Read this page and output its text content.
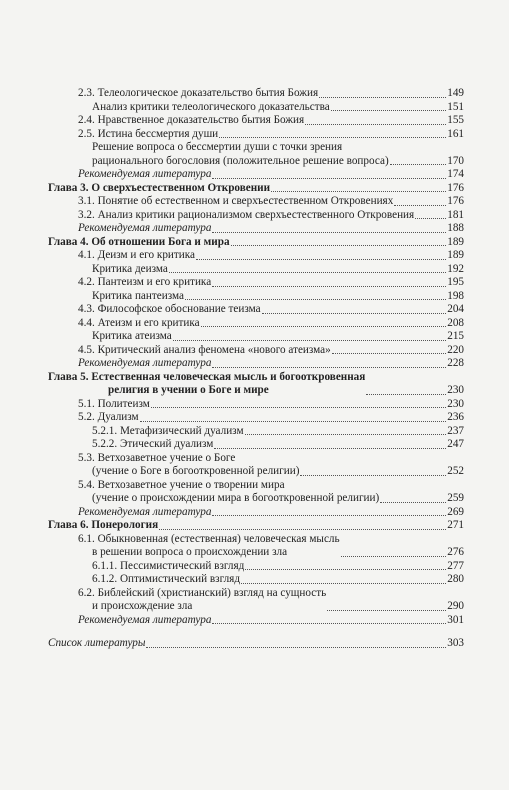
2.3. Телеологическое доказательство бытия Божия	149
Анализ критики телеологического доказательства	151
2.4. Нравственное доказательство бытия Божия	155
2.5. Истина бессмертия души	161
Решение вопроса о бессмертии души с точки зрения
рационального богословия (положительное решение вопроса)	170
Рекомендуемая литература	174
Глава 3. О сверхъестественном Откровении	176
3.1. Понятие об естественном и сверхъестественном Откровениях	176
3.2. Анализ критики рационализмом сверхъестественного Откровения	181
Рекомендуемая литература	188
Глава 4. Об отношении Бога и мира	189
4.1. Деизм и его критика	189
Критика деизма	192
4.2. Пантеизм и его критика	195
Критика пантеизма	198
4.3. Философское обоснование теизма	204
4.4. Атеизм и его критика	208
Критика атеизма	215
4.5. Критический анализ феномена «нового атеизма»	220
Рекомендуемая литература	228
Глава 5. Естественная человеческая мысль и богооткровенная
религия в учении о Боге и мире	230
5.1. Политеизм	230
5.2. Дуализм	236
5.2.1. Метафизический дуализм	237
5.2.2. Этический дуализм	247
5.3. Ветхозаветное учение о Боге
(учение о Боге в богооткровенной религии)	252
5.4. Ветхозаветное учение о творении мира
(учение о происхождении мира в богооткровенной религии)	259
Рекомендуемая литература	269
Глава 6. Понерология	271
6.1. Обыкновенная (естественная) человеческая мысль
в решении вопроса о происхождении зла	276
6.1.1. Пессимистический взгляд	277
6.1.2. Оптимистический взгляд	280
6.2. Библейский (христианский) взгляд на сущность
и происхождение зла	290
Рекомендуемая литература	301
Список литературы	303
